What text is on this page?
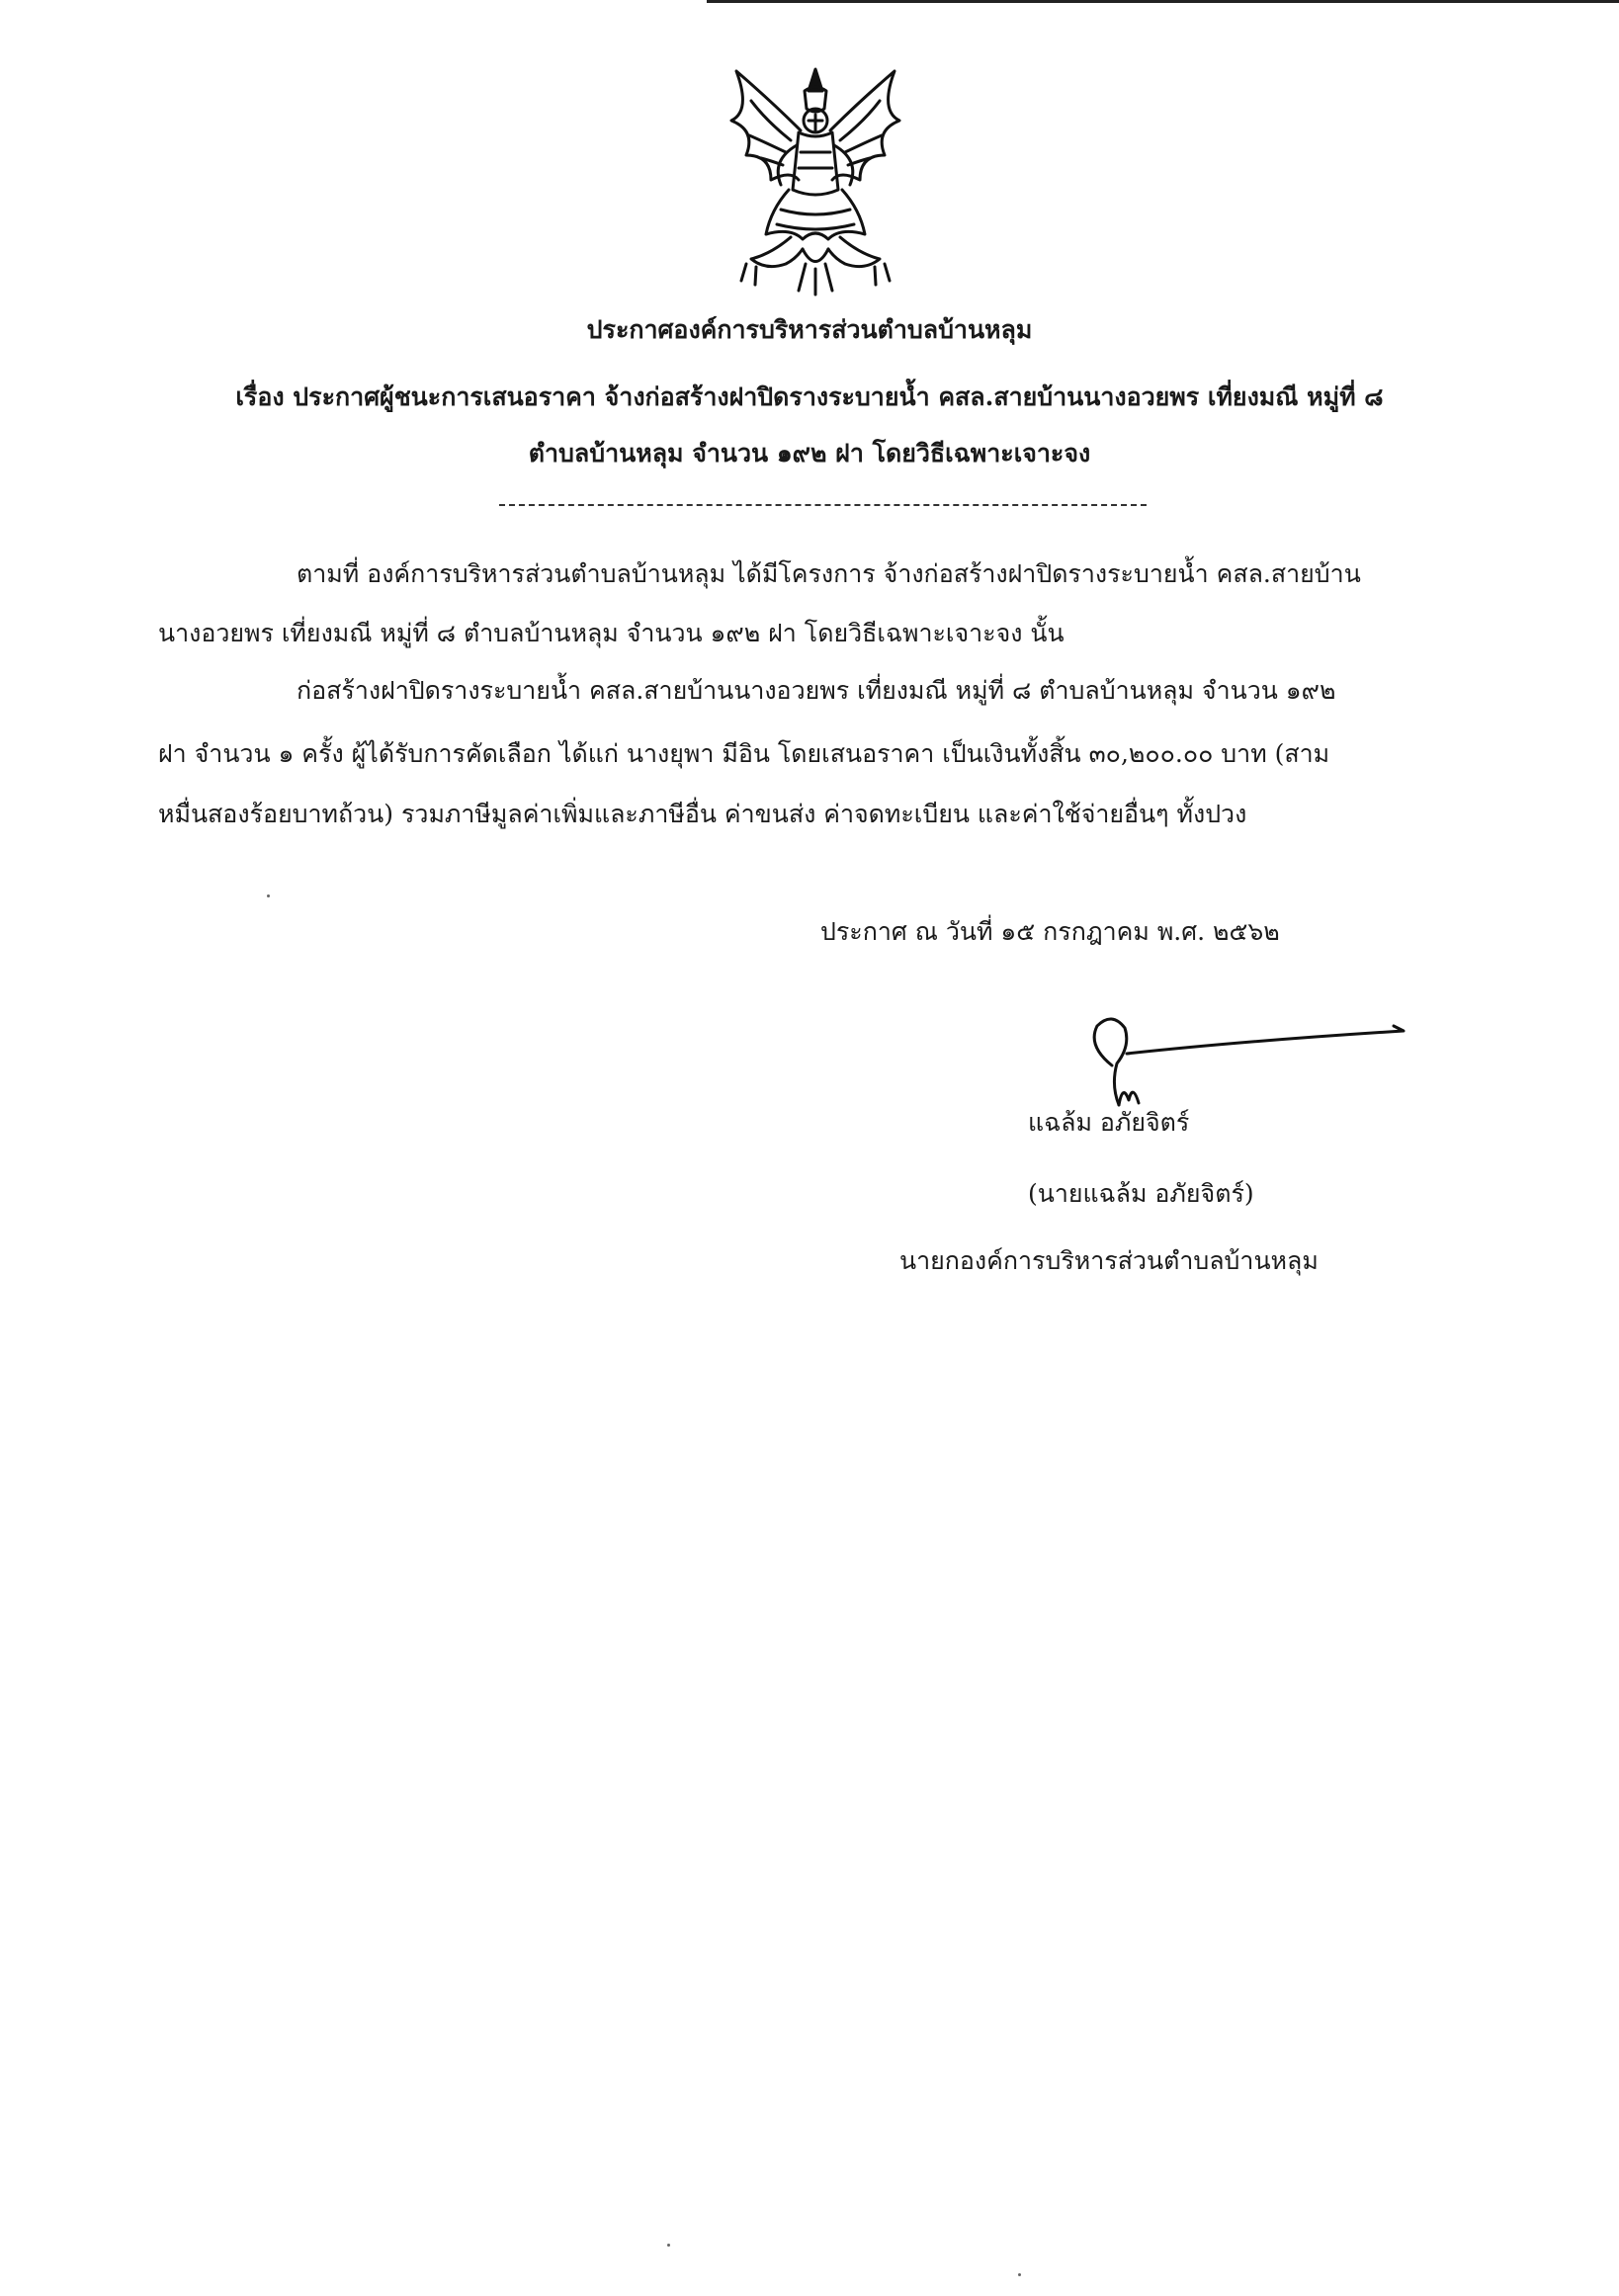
ประกาศองค์การบริหารส่วนตำบลบ้านหลุม
เรื่อง ประกาศผู้ชนะการเสนอราคา จ้างก่อสร้างฝาปิดรางระบายน้ำ คสล.สายบ้านนางอวยพร เที่ยงมณี หมู่ที่ ๘
ตำบลบ้านหลุม จำนวน ๑๙๒ ฝา โดยวิธีเฉพาะเจาะจง
ตามที่ องค์การบริหารส่วนตำบลบ้านหลุม ได้มีโครงการ จ้างก่อสร้างฝาปิดรางระบายน้ำ คสล.สายบ้าน
นางอวยพร เที่ยงมณี หมู่ที่ ๘ ตำบลบ้านหลุม จำนวน ๑๙๒ ฝา โดยวิธีเฉพาะเจาะจง นั้น
ก่อสร้างฝาปิดรางระบายน้ำ คสล.สายบ้านนางอวยพร เที่ยงมณี หมู่ที่ ๘ ตำบลบ้านหลุม จำนวน ๑๙๒
ฝา จำนวน ๑ ครั้ง ผู้ได้รับการคัดเลือก ได้แก่ นางยุพา มีอิน โดยเสนอราคา เป็นเงินทั้งสิ้น ๓๐,๒๐๐.๐๐ บาท (สาม
หมื่นสองร้อยบาทถ้วน) รวมภาษีมูลค่าเพิ่มและภาษีอื่น ค่าขนส่ง ค่าจดทะเบียน และค่าใช้จ่ายอื่นๆ ทั้งปวง
ประกาศ ณ วันที่ ๑๕ กรกฎาคม พ.ศ. ๒๕๖๒
แฉล้ม อภัยจิตร์
(นายแฉล้ม อภัยจิตร์)
นายกองค์การบริหารส่วนตำบลบ้านหลุม
